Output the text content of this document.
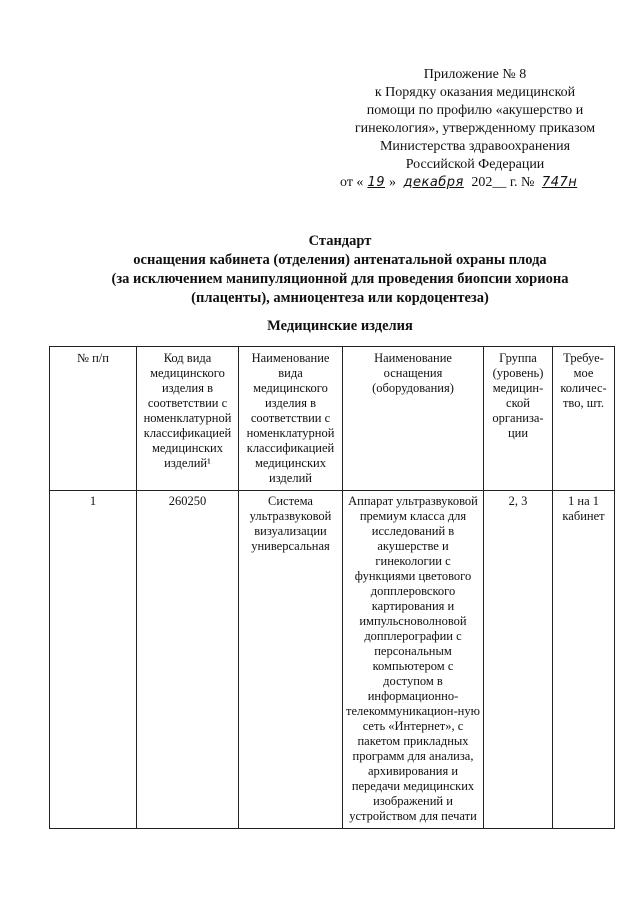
Приложение № 8
к Порядку оказания медицинской
помощи по профилю «акушерство и
гинекология», утвержденному приказом
Министерства здравоохранения
Российской Федерации
от « 19 » декабря 202__ г. № 747н
Стандарт
оснащения кабинета (отделения) антенатальной охраны плода
(за исключением манипуляционной для проведения биопсии хориона
(плаценты), амниоцентеза или кордоцентеза)
Медицинские изделия
№ п/п	Код вида медицинского изделия в соответствии с номенклатурной классификацией медицинских изделий¹	Наименование вида медицинского изделия в соответствии с номенклатурной классификацией медицинских изделий	Наименование оснащения (оборудования)	Группа (уровень) медицин-ской организа-ции	Требуе-мое количес-тво, шт.
1	260250	Система ультразвуковой визуализации универсальная	Аппарат ультразвуковой премиум класса для исследований в акушерстве и гинекологии с функциями цветового допплеровского картирования и импульсноволновой допплерографии с персональным компьютером с доступом в информационно-телекоммуникацион-ную сеть «Интернет», с пакетом прикладных программ для анализа, архивирования и передачи медицинских изображений и устройством для печати	2, 3	1 на 1 кабинет
